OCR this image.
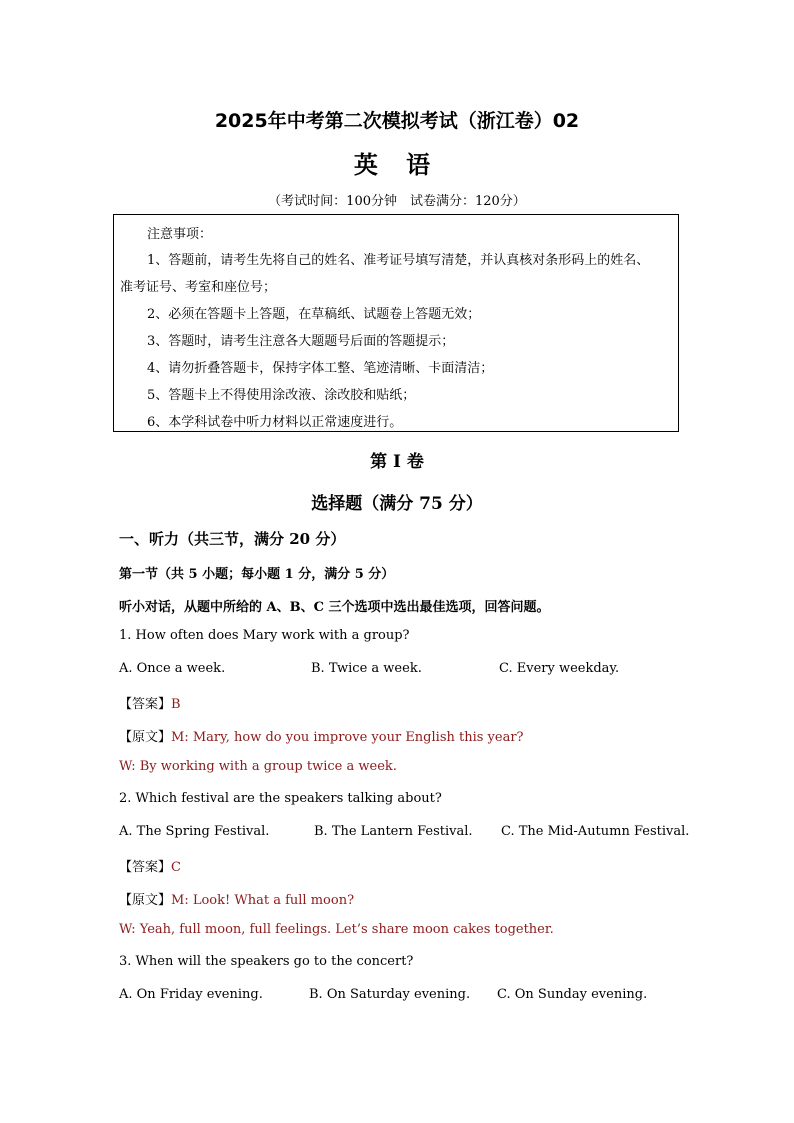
2025年中考第二次模拟考试（浙江卷）02
英 语
（考试时间：100分钟　试卷满分：120分）
注意事项：
1、答题前，请考生先将自己的姓名、准考证号填写清楚，并认真核对条形码上的姓名、
准考证号、考室和座位号；
2、必须在答题卡上答题，在草稿纸、试题卷上答题无效；
3、答题时，请考生注意各大题题号后面的答题提示；
4、请勿折叠答题卡，保持字体工整、笔迹清晰、卡面清洁；
5、答题卡上不得使用涂改液、涂改胶和贴纸；
6、本学科试卷中听力材料以正常速度进行。
第 I 卷
选择题（满分 75 分）
一、听力（共三节，满分 20 分）
第一节（共 5 小题；每小题 1 分，满分 5 分）
听小对话，从题中所给的 A、B、C 三个选项中选出最佳选项，回答问题。
1. How often does Mary work with a group?
A. Once a week.	B. Twice a week.	C. Every weekday.
【答案】B
【原文】M: Mary, how do you improve your English this year?
W: By working with a group twice a week.
2. Which festival are the speakers talking about?
A. The Spring Festival.	B. The Lantern Festival. C. The Mid-Autumn Festival.
【答案】C
【原文】M: Look! What a full moon?
W: Yeah, full moon, full feelings. Let’s share moon cakes together.
3. When will the speakers go to the concert?
A. On Friday evening.	B. On Saturday evening. C. On Sunday evening.
